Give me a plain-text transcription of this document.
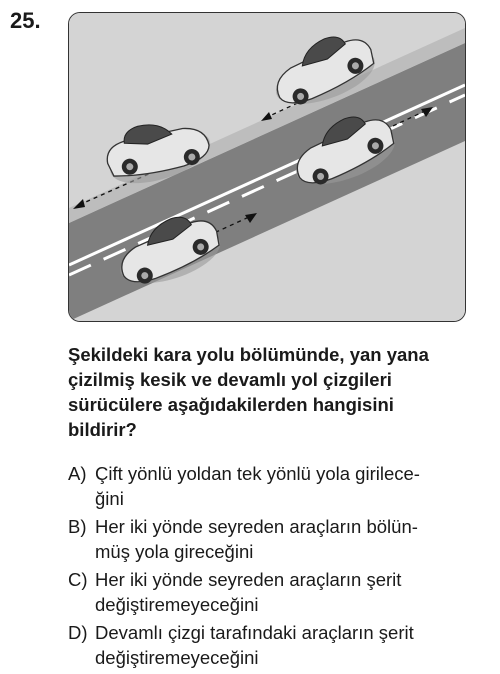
25.
Şekildeki kara yolu bölümünde, yan yana
çizilmiş kesik ve devamlı yol çizgileri
sürücülere aşağıdakilerden hangisini
bildirir?
A) Çift yönlü yoldan tek yönlü yola girilece-
ğini
B) Her iki yönde seyreden araçların bölün-
müş yola gireceğini
C) Her iki yönde seyreden araçların şerit
değiştiremeyeceğini
D) Devamlı çizgi tarafındaki araçların şerit
değiştiremeyeceğini
